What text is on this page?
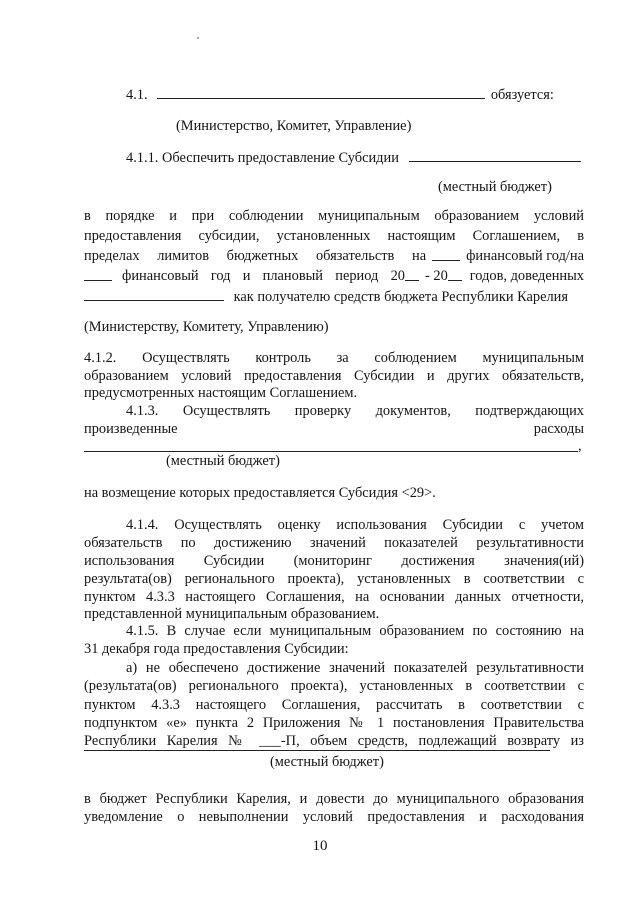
4.1.	обязуется:
(Министерство, Комитет, Управление)
4.1.1. Обеспечить предоставление Субсидии
(местный бюджет)
в порядке и при соблюдении муниципальным образованием условий
предоставления субсидии, установленных настоящим Соглашением, в
пределах лимитов бюджетных обязательств на	финансовый год/на
финансовый год и плановый период 20 - 20 годов, доведенных
как получателю средств бюджета Республики Карелия
(Министерству, Комитету, Управлению)
4.1.2. Осуществлять контроль за соблюдением муниципальным
образованием условий предоставления Субсидии и других обязательств,
предусмотренных настоящим Соглашением.
4.1.3. Осуществлять проверку документов, подтверждающих
произведенные	расходы
,
(местный бюджет)
на возмещение которых предоставляется Субсидия <29>.
4.1.4. Осуществлять оценку использования Субсидии с учетом
обязательств по достижению значений показателей результативности
использования Субсидии (мониторинг достижения значения(ий)
результата(ов) регионального проекта), установленных в соответствии с
пунктом 4.3.3 настоящего Соглашения, на основании данных отчетности,
представленной муниципальным образованием.
4.1.5. В случае если муниципальным образованием по состоянию на
31 декабря года предоставления Субсидии:
а) не обеспечено достижение значений показателей результативности
(результата(ов) регионального проекта), установленных в соответствии с
пунктом 4.3.3 настоящего Соглашения, рассчитать в соответствии с
подпунктом «е» пункта 2 Приложения № 1 постановления Правительства
Республики Карелия № ___-П, объем средств, подлежащий возврату из
(местный бюджет)
в бюджет Республики Карелия, и довести до муниципального образования
уведомление о невыполнении условий предоставления и расходования
10
